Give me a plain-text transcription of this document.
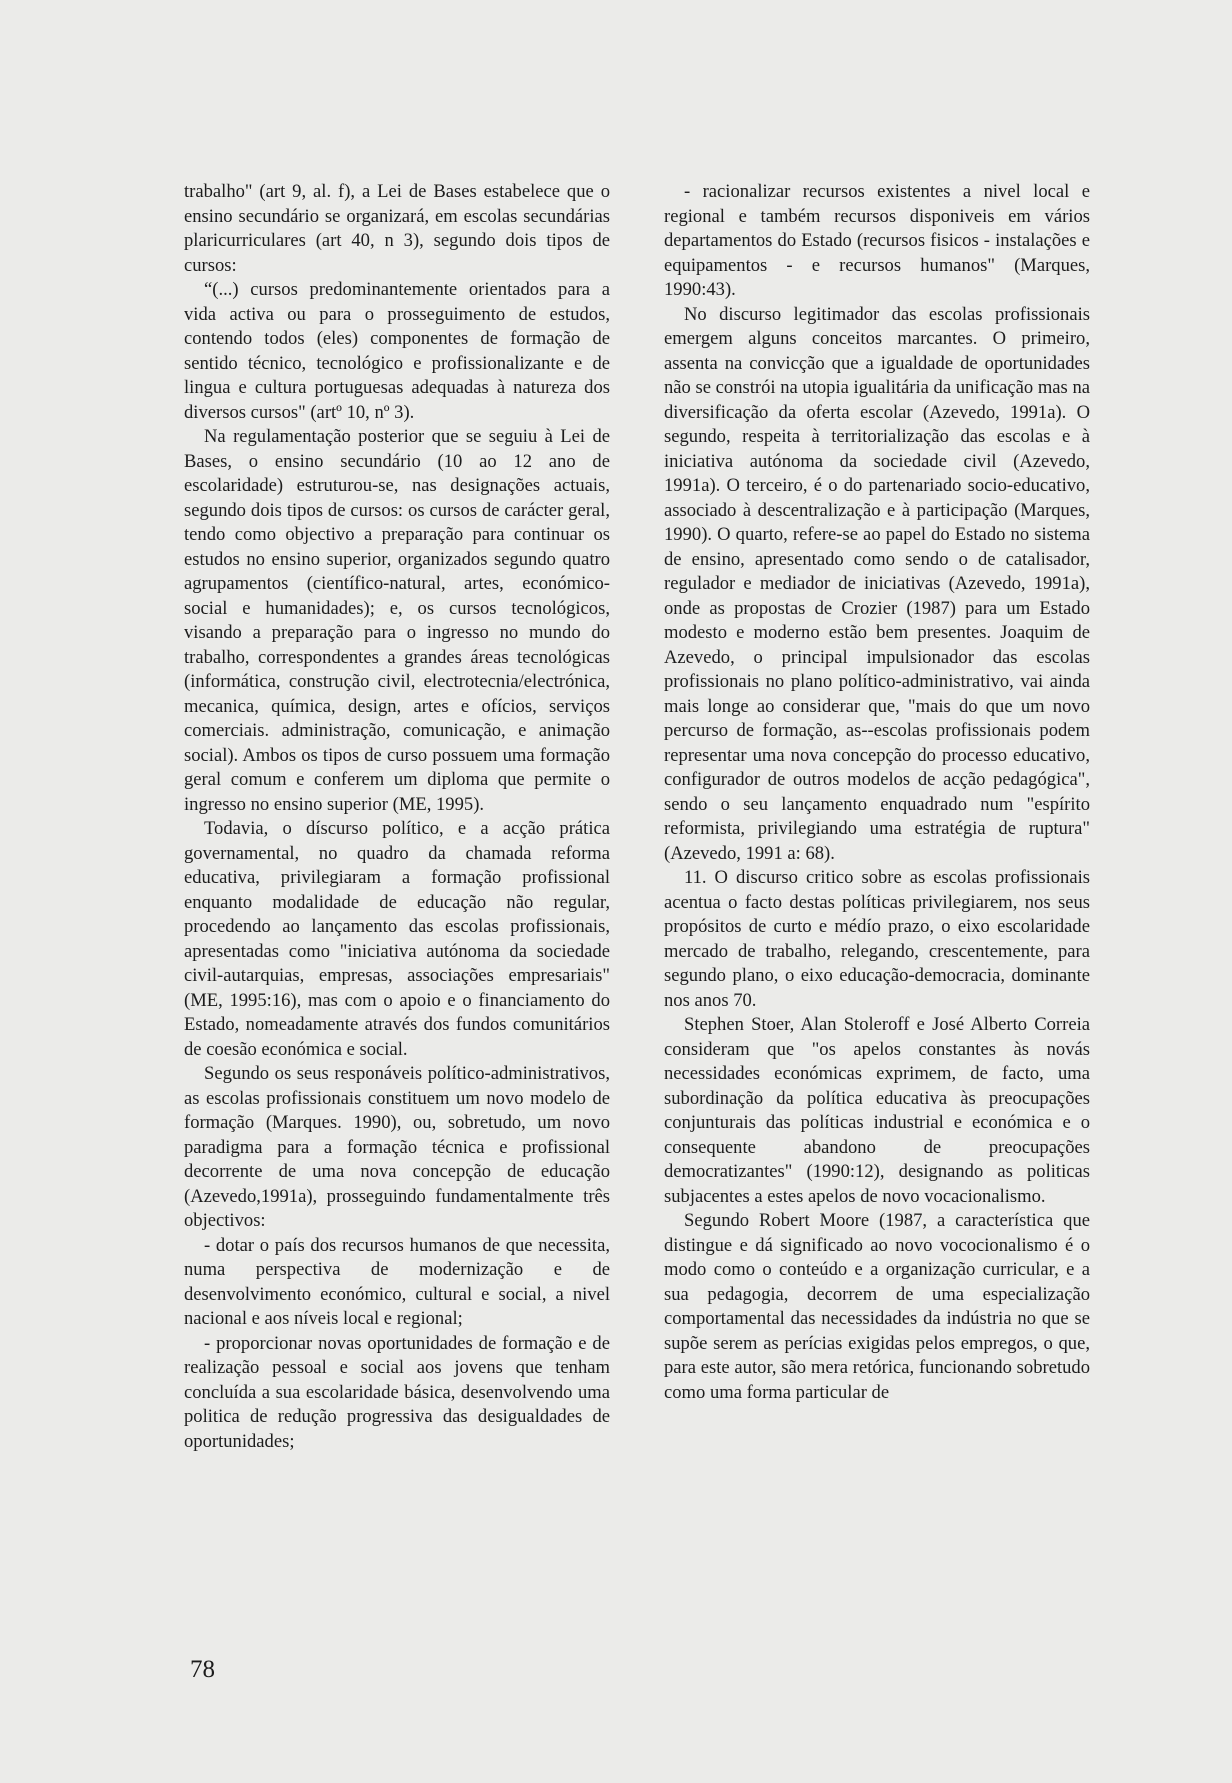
trabalho" (art 9, al. f), a Lei de Bases estabelece que o ensino secundário se organizará, em escolas secundárias plaricurriculares (art 40, n 3), segundo dois tipos de cursos:

“(...) cursos predominantemente orientados para a vida activa ou para o prosseguimento de estudos, contendo todos (eles) componentes de formação de sentido técnico, tecnológico e profissionalizante e de lingua e cultura portuguesas adequadas à natureza dos diversos cursos" (artº 10, nº 3).

Na regulamentação posterior que se seguiu à Lei de Bases, o ensino secundário (10 ao 12 ano de escolaridade) estruturou-se, nas designações actuais, segundo dois tipos de cursos: os cursos de carácter geral, tendo como objectivo a preparação para continuar os estudos no ensino superior, organizados segundo quatro agrupamentos (científico-natural, artes, económico-social e humanidades); e, os cursos tecnológicos, visando a preparação para o ingresso no mundo do trabalho, correspondentes a grandes áreas tecnológicas (informática, construção civil, electrotecnia/electrónica, mecanica, química, design, artes e ofícios, serviços comerciais. administração, comunicação, e animação social). Ambos os tipos de curso possuem uma formação geral comum e conferem um diploma que permite o ingresso no ensino superior (ME, 1995).

Todavia, o díscurso político, e a acção prática governamental, no quadro da chamada reforma educativa, privilegiaram a formação profissional enquanto modalidade de educação não regular, procedendo ao lançamento das escolas profissionais, apresentadas como "iniciativa autónoma da sociedade civil-autarquias, empresas, associações empresariais" (ME, 1995:16), mas com o apoio e o financiamento do Estado, nomeadamente através dos fundos comunitários de coesão económica e social.

Segundo os seus responáveis político-administrativos, as escolas profissionais constituem um novo modelo de formação (Marques. 1990), ou, sobretudo, um novo paradigma para a formação técnica e profissional decorrente de uma nova concepção de educação (Azevedo,1991a), prosseguindo fundamentalmente três objectivos:

- dotar o país dos recursos humanos de que necessita, numa perspectiva de modernização e de desenvolvimento económico, cultural e social, a nivel nacional e aos níveis local e regional;

- proporcionar novas oportunidades de formação e de realização pessoal e social aos jovens que tenham concluída a sua escolaridade básica, desenvolvendo uma politica de redução progressiva das desigualdades de oportunidades;

- racionalizar recursos existentes a nivel local e regional e também recursos disponiveis em vários departamentos do Estado (recursos fisicos - instalações e equipamentos - e recursos humanos" (Marques, 1990:43).

No discurso legitimador das escolas profissionais emergem alguns conceitos marcantes. O primeiro, assenta na convicção que a igualdade de oportunidades não se constrói na utopia igualitária da unificação mas na diversificação da oferta escolar (Azevedo, 1991a). O segundo, respeita à territorialização das escolas e à iniciativa autónoma da sociedade civil (Azevedo, 1991a). O terceiro, é o do partenariado socio-educativo, associado à descentralização e à participação (Marques, 1990). O quarto, refere-se ao papel do Estado no sistema de ensino, apresentado como sendo o de catalisador, regulador e mediador de iniciativas (Azevedo, 1991a), onde as propostas de Crozier (1987) para um Estado modesto e moderno estão bem presentes. Joaquim de Azevedo, o principal impulsionador das escolas profissionais no plano político-administrativo, vai ainda mais longe ao considerar que, "mais do que um novo percurso de formação, as--escolas profissionais podem representar uma nova concepção do processo educativo, configurador de outros modelos de acção pedagógica", sendo o seu lançamento enquadrado num "espírito reformista, privilegiando uma estratégia de ruptura" (Azevedo, 1991 a: 68).

11. O discurso critico sobre as escolas profissionais acentua o facto destas políticas privilegiarem, nos seus propósitos de curto e médío prazo, o eixo escolaridade mercado de trabalho, relegando, crescentemente, para segundo plano, o eixo educação-democracia, dominante nos anos 70.

Stephen Stoer, Alan Stoleroff e José Alberto Correia consideram que "os apelos constantes às novás necessidades económicas exprimem, de facto, uma subordinação da política educativa às preocupações conjunturais das políticas industrial e económica e o consequente abandono de preocupações democratizantes" (1990:12), designando as politicas subjacentes a estes apelos de novo vocacionalismo.

Segundo Robert Moore (1987, a característica que distingue e dá significado ao novo vococionalismo é o modo como o conteúdo e a organização curricular, e a sua pedagogia, decorrem de uma especialização comportamental das necessidades da indústria no que se supõe serem as perícias exigidas pelos empregos, o que, para este autor, são mera retórica, funcionando sobretudo como uma forma particular de

78
